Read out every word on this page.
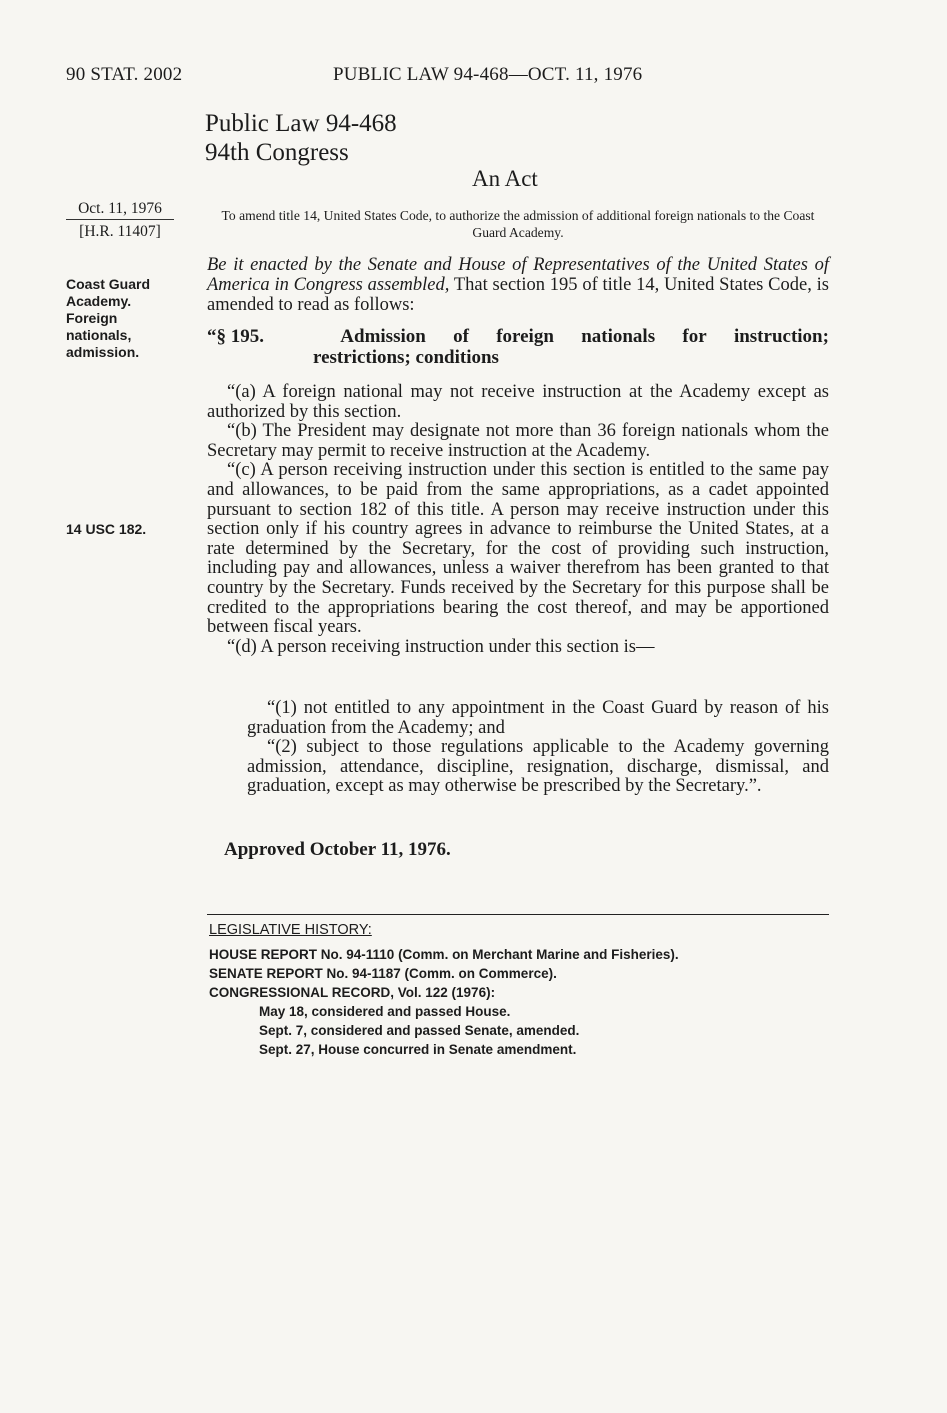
90 STAT. 2002	PUBLIC LAW 94-468—OCT. 11, 1976
Public Law 94-468
94th Congress
An Act
Oct. 11, 1976
[H.R. 11407]
To amend title 14, United States Code, to authorize the admission of additional foreign nationals to the Coast Guard Academy.
Coast Guard
Academy.
Foreign
nationals,
admission.
Be it enacted by the Senate and House of Representatives of the United States of America in Congress assembled, That section 195 of title 14, United States Code, is amended to read as follows:
“§ 195.	Admission of foreign nationals for instruction;
restrictions; conditions

“(a) A foreign national may not receive instruction at the Academy except as authorized by this section.

“(b) The President may designate not more than 36 foreign nationals whom the Secretary may permit to receive instruction at the Academy.

“(c) A person receiving instruction under this section is entitled to the same pay and allowances, to be paid from the same appropriations, as a cadet appointed pursuant to section 182 of this title. A person may receive instruction under this section only if his country agrees in advance to reimburse the United States, at a rate determined by the Secretary, for the cost of providing such instruction, including pay and allowances, unless a waiver therefrom has been granted to that country by the Secretary. Funds received by the Secretary for this purpose shall be credited to the appropriations bearing the cost thereof, and may be apportioned between fiscal years.

“(d) A person receiving instruction under this section is—

“(1) not entitled to any appointment in the Coast Guard by reason of his graduation from the Academy; and

“(2) subject to those regulations applicable to the Academy governing admission, attendance, discipline, resignation, discharge, dismissal, and graduation, except as may otherwise be prescribed by the Secretary.”.

14 USC 182.
Approved October 11, 1976.
LEGISLATIVE HISTORY:
HOUSE REPORT No. 94-1110 (Comm. on Merchant Marine and Fisheries).
SENATE REPORT No. 94-1187 (Comm. on Commerce).
CONGRESSIONAL RECORD, Vol. 122 (1976):
May 18, considered and passed House.
Sept. 7, considered and passed Senate, amended.
Sept. 27, House concurred in Senate amendment.
